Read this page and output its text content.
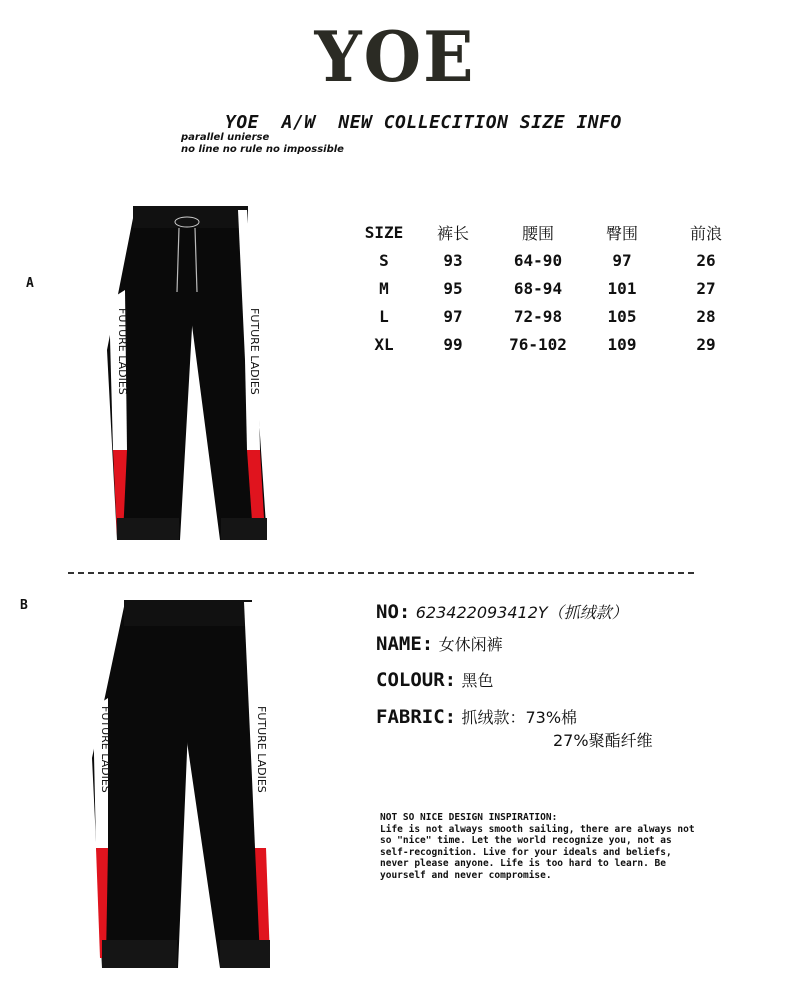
YOE
YOE  A/W  NEW COLLECITION SIZE INFO
parallel unierse
no line no rule no impossible
A
B
FUTURE LADIES	FUTURE LADIES
SIZE	裤长	腰围	臀围	前浪
S	93	64-90	97	26
M	95	68-94	101	27
L	97	72-98	105	28
XL	99	76-102	109	29
FUTURE LADIES	FUTURE LADIES
NO: 623422093412Y（抓绒款）
NAME: 女休闲裤
COLOUR: 黑色
FABRIC: 抓绒款：73%棉
27%聚酯纤维
NOT SO NICE DESIGN INSPIRATION:
Life is not always smooth sailing, there are always not so "nice" time. Let the world recognize you, not as self-recognition. Live for your ideals and beliefs, never please anyone. Life is too hard to learn. Be yourself and never compromise.
